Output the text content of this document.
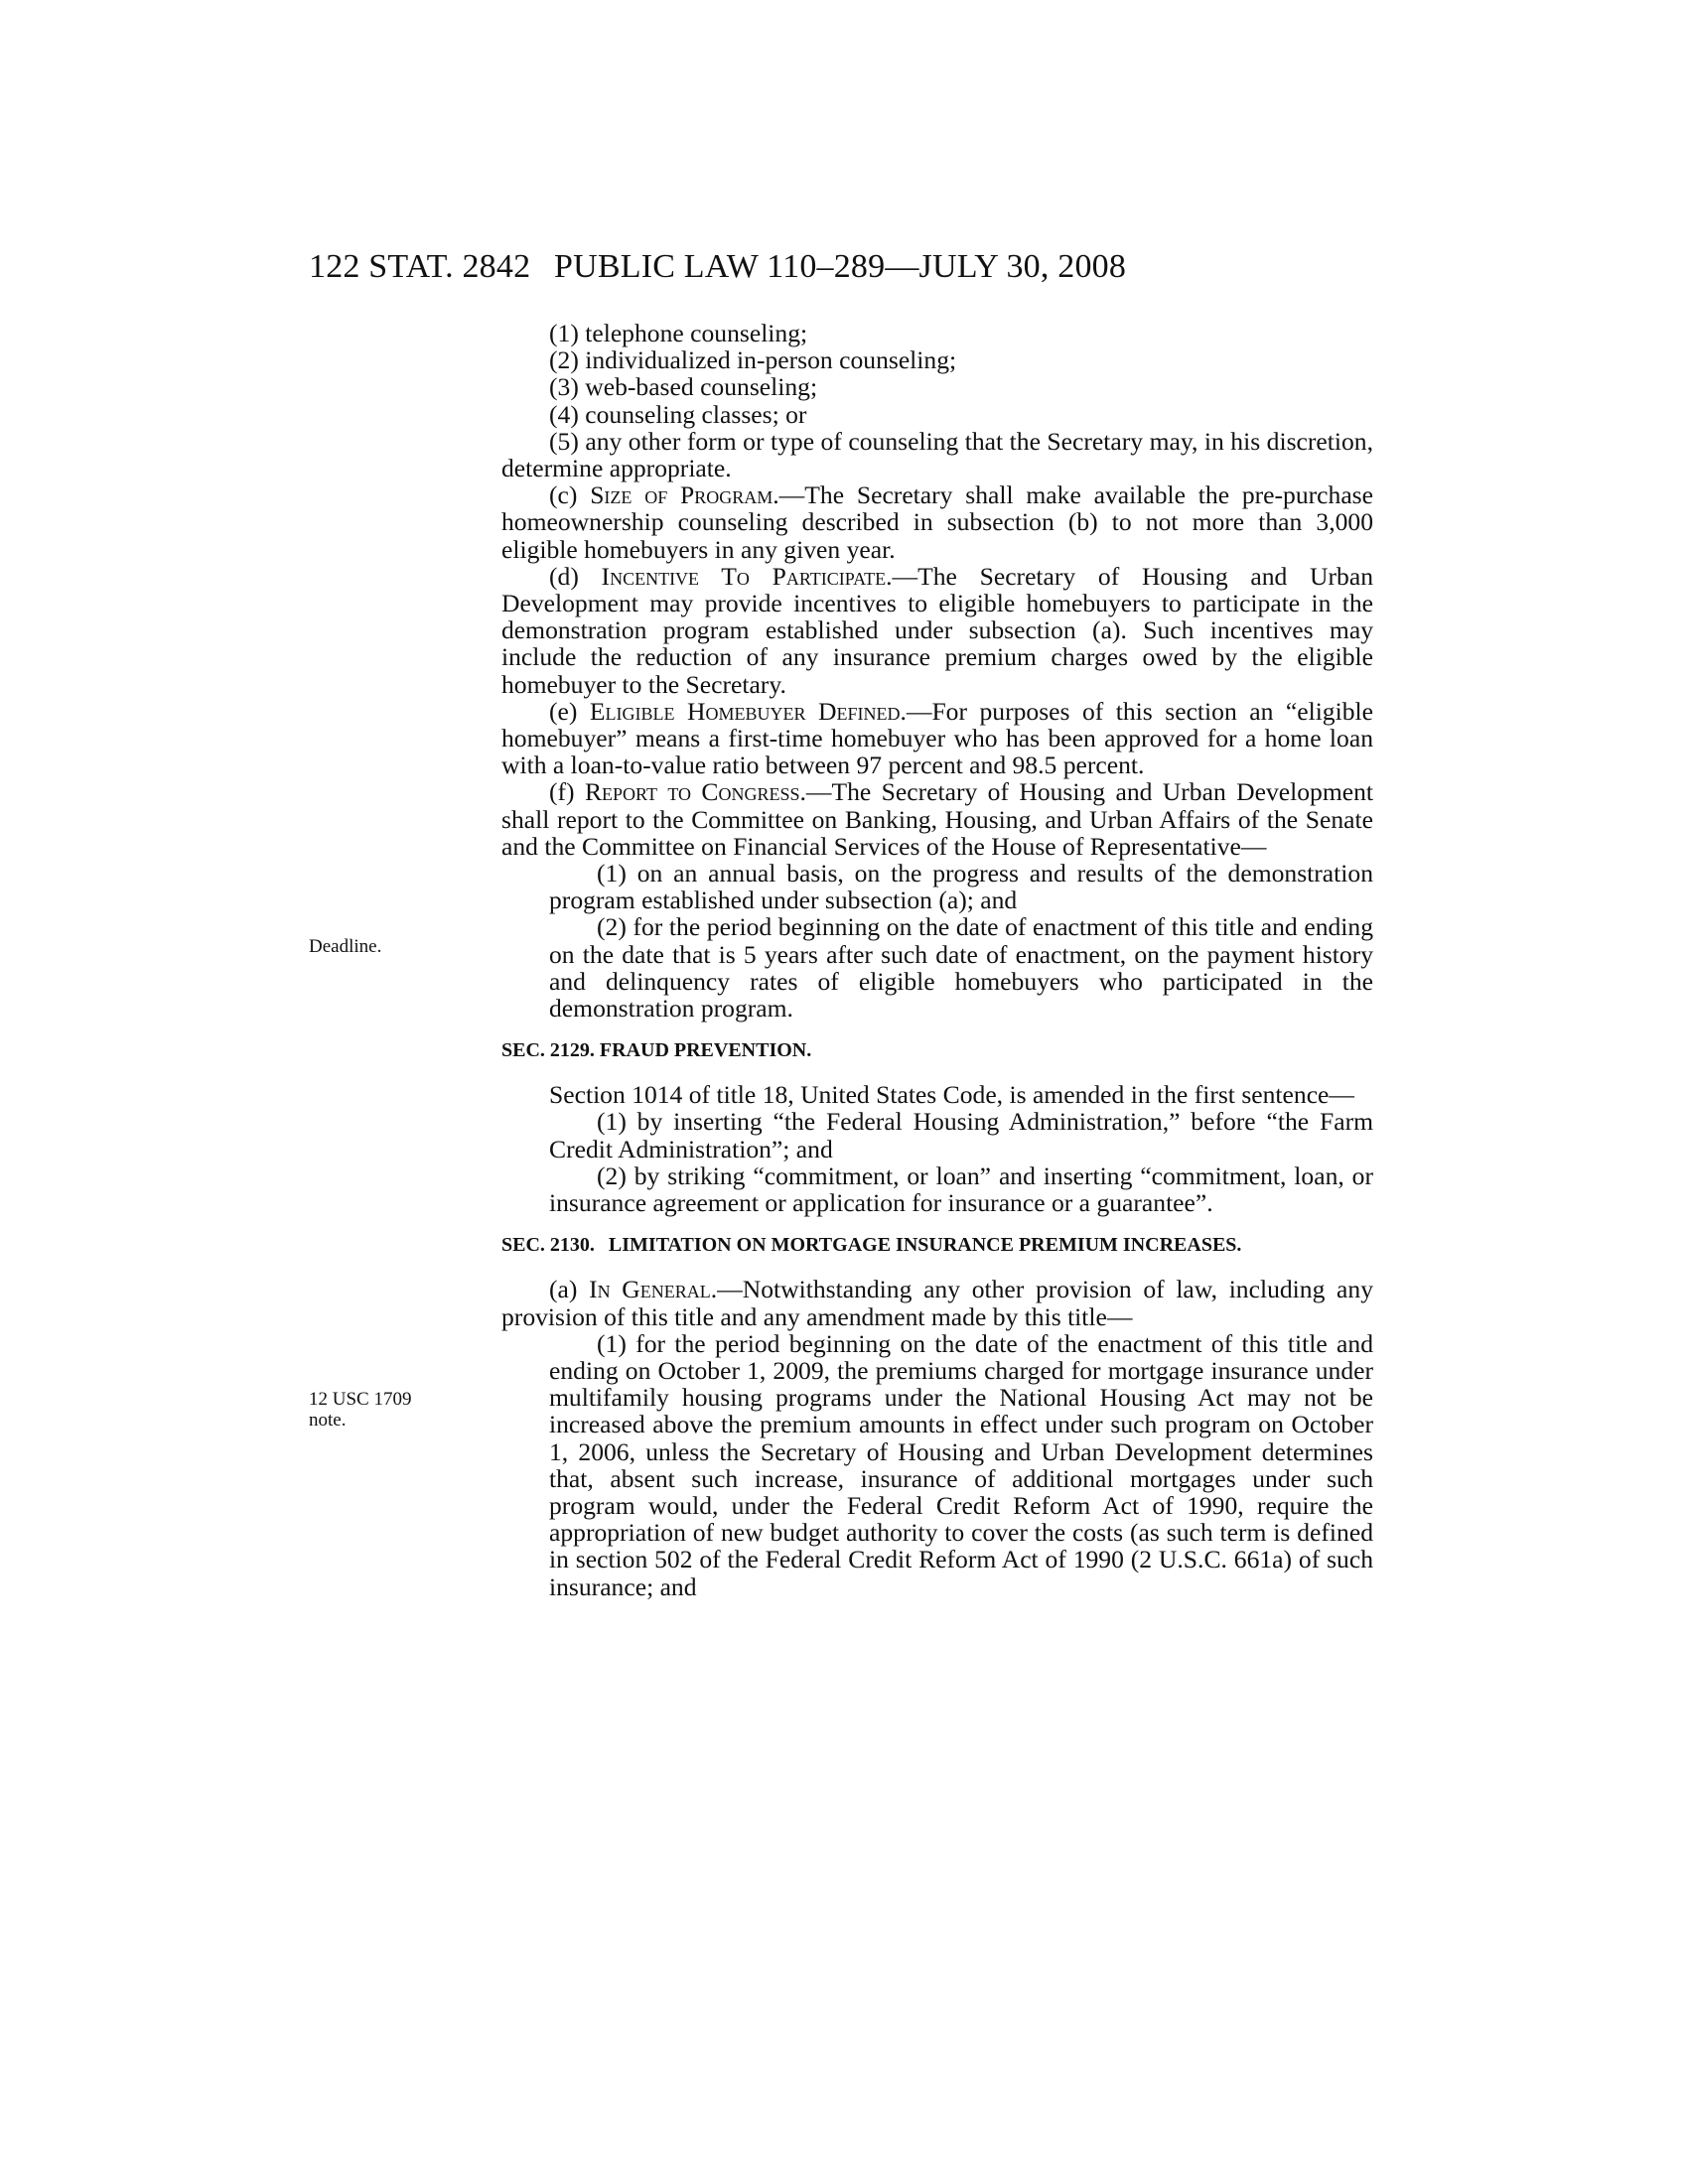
122 STAT. 2842 PUBLIC LAW 110–289—JULY 30, 2008
Deadline.
12 USC 1709
note.

(1) telephone counseling;

(2) individualized in-person counseling;

(3) web-based counseling;

(4) counseling classes; or

(5) any other form or type of counseling that the Secretary may, in his discretion, determine appropriate.

(c) Size of Program.—The Secretary shall make available the pre-purchase homeownership counseling described in subsection (b) to not more than 3,000 eligible homebuyers in any given year.

(d) Incentive To Participate.—The Secretary of Housing and Urban Development may provide incentives to eligible homebuyers to participate in the demonstration program established under subsection (a). Such incentives may include the reduction of any insurance premium charges owed by the eligible homebuyer to the Secretary.

(e) Eligible Homebuyer Defined.—For purposes of this section an “eligible homebuyer” means a first-time homebuyer who has been approved for a home loan with a loan-to-value ratio between 97 percent and 98.5 percent.

(f) Report to Congress.—The Secretary of Housing and Urban Development shall report to the Committee on Banking, Housing, and Urban Affairs of the Senate and the Committee on Financial Services of the House of Representative—

(1) on an annual basis, on the progress and results of the demonstration program established under subsection (a); and

(2) for the period beginning on the date of enactment of this title and ending on the date that is 5 years after such date of enactment, on the payment history and delinquency rates of eligible homebuyers who participated in the demonstration program.

SEC. 2129. FRAUD PREVENTION.

Section 1014 of title 18, United States Code, is amended in the first sentence—

(1) by inserting “the Federal Housing Administration,” before “the Farm Credit Administration”; and

(2) by striking “commitment, or loan” and inserting “commitment, loan, or insurance agreement or application for insurance or a guarantee”.

SEC. 2130. LIMITATION ON MORTGAGE INSURANCE PREMIUM INCREASES.

(a) In General.—Notwithstanding any other provision of law, including any provision of this title and any amendment made by this title—

(1) for the period beginning on the date of the enactment of this title and ending on October 1, 2009, the premiums charged for mortgage insurance under multifamily housing programs under the National Housing Act may not be increased above the premium amounts in effect under such program on October 1, 2006, unless the Secretary of Housing and Urban Development determines that, absent such increase, insurance of additional mortgages under such program would, under the Federal Credit Reform Act of 1990, require the appropriation of new budget authority to cover the costs (as such term is defined in section 502 of the Federal Credit Reform Act of 1990 (2 U.S.C. 661a) of such insurance; and
